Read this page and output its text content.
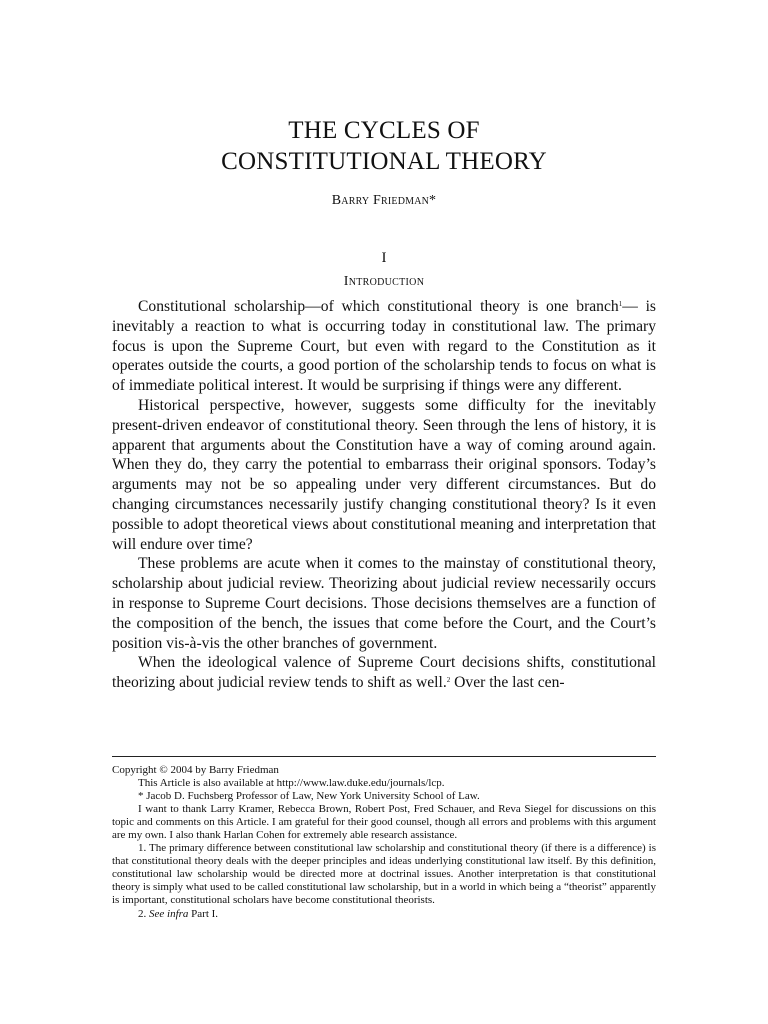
THE CYCLES OF
CONSTITUTIONAL THEORY
Barry Friedman*
I
Introduction

Constitutional scholarship—of which constitutional theory is one branch$^1$— is inevitably a reaction to what is occurring today in constitutional law. The primary focus is upon the Supreme Court, but even with regard to the Constitution as it operates outside the courts, a good portion of the scholarship tends to focus on what is of immediate political interest. It would be surprising if things were any different.

Historical perspective, however, suggests some difficulty for the inevitably present-driven endeavor of constitutional theory. Seen through the lens of history, it is apparent that arguments about the Constitution have a way of coming around again. When they do, they carry the potential to embarrass their original sponsors. Today’s arguments may not be so appealing under very different circumstances. But do changing circumstances necessarily justify changing constitutional theory? Is it even possible to adopt theoretical views about constitutional meaning and interpretation that will endure over time?

These problems are acute when it comes to the mainstay of constitutional theory, scholarship about judicial review. Theorizing about judicial review necessarily occurs in response to Supreme Court decisions. Those decisions themselves are a function of the composition of the bench, the issues that come before the Court, and the Court’s position vis-à-vis the other branches of government.

When the ideological valence of Supreme Court decisions shifts, constitutional theorizing about judicial review tends to shift as well.$^2$ Over the last cen-

Copyright © 2004 by Barry Friedman

This Article is also available at http://www.law.duke.edu/journals/lcp.

* Jacob D. Fuchsberg Professor of Law, New York University School of Law.

I want to thank Larry Kramer, Rebecca Brown, Robert Post, Fred Schauer, and Reva Siegel for discussions on this topic and comments on this Article. I am grateful for their good counsel, though all errors and problems with this argument are my own. I also thank Harlan Cohen for extremely able research assistance.

1. The primary difference between constitutional law scholarship and constitutional theory (if there is a difference) is that constitutional theory deals with the deeper principles and ideas underlying constitutional law itself. By this definition, constitutional law scholarship would be directed more at doctrinal issues. Another interpretation is that constitutional theory is simply what used to be called constitutional law scholarship, but in a world in which being a “theorist” apparently is important, constitutional scholars have become constitutional theorists.

2. See infra Part I.
